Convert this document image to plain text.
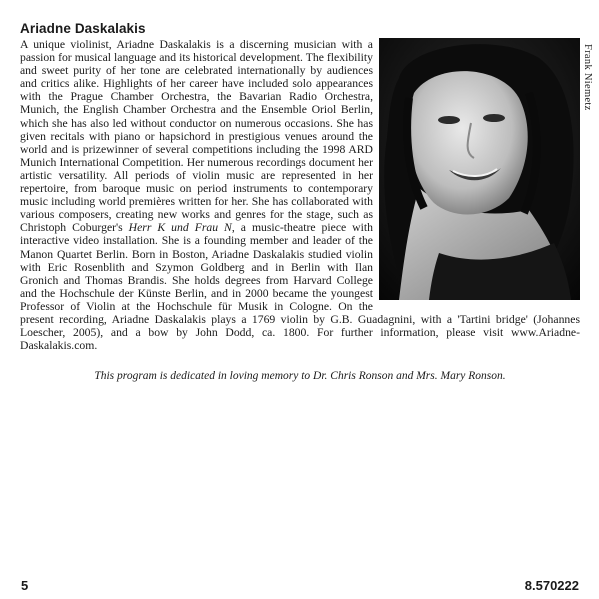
Ariadne Daskalakis
Frank Niemetz

A unique violinist, Ariadne Daskalakis is a discerning musician with a passion for musical language and its historical development. The flexibility and sweet purity of her tone are celebrated internationally by audiences and critics alike. Highlights of her career have included solo appearances with the Prague Chamber Orchestra, the Bavarian Radio Orchestra, Munich, the English Chamber Orchestra and the Ensemble Oriol Berlin, which she has also led without conductor on numerous occasions. She has given recitals with piano or hapsichord in prestigious venues around the world and is prizewinner of several competitions including the 1998 ARD Munich International Competition. Her numerous recordings document her artistic versatility. All periods of violin music are represented in her repertoire, from baroque music on period instruments to contemporary music including world premières written for her. She has collaborated with various composers, creating new works and genres for the stage, such as Christoph Coburger's Herr K und Frau N, a music-theatre piece with interactive video installation. She is a founding member and leader of the Manon Quartet Berlin. Born in Boston, Ariadne Daskalakis studied violin with Eric Rosenblith and Szymon Goldberg and in Berlin with Ilan Gronich and Thomas Brandis. She holds degrees from Harvard College and the Hochschule der Künste Berlin, and in 2000 became the youngest Professor of Violin at the Hochschule für Musik in Cologne. On the present recording, Ariadne Daskalakis plays a 1769 violin by G.B. Guadagnini, with a 'Tartini bridge' (Johannes Loescher, 2005), and a bow by John Dodd, ca. 1800. For further information, please visit www.Ariadne-Daskalakis.com.

This program is dedicated in loving memory to Dr. Chris Ronson and Mrs. Mary Ronson.
5	8.570222
